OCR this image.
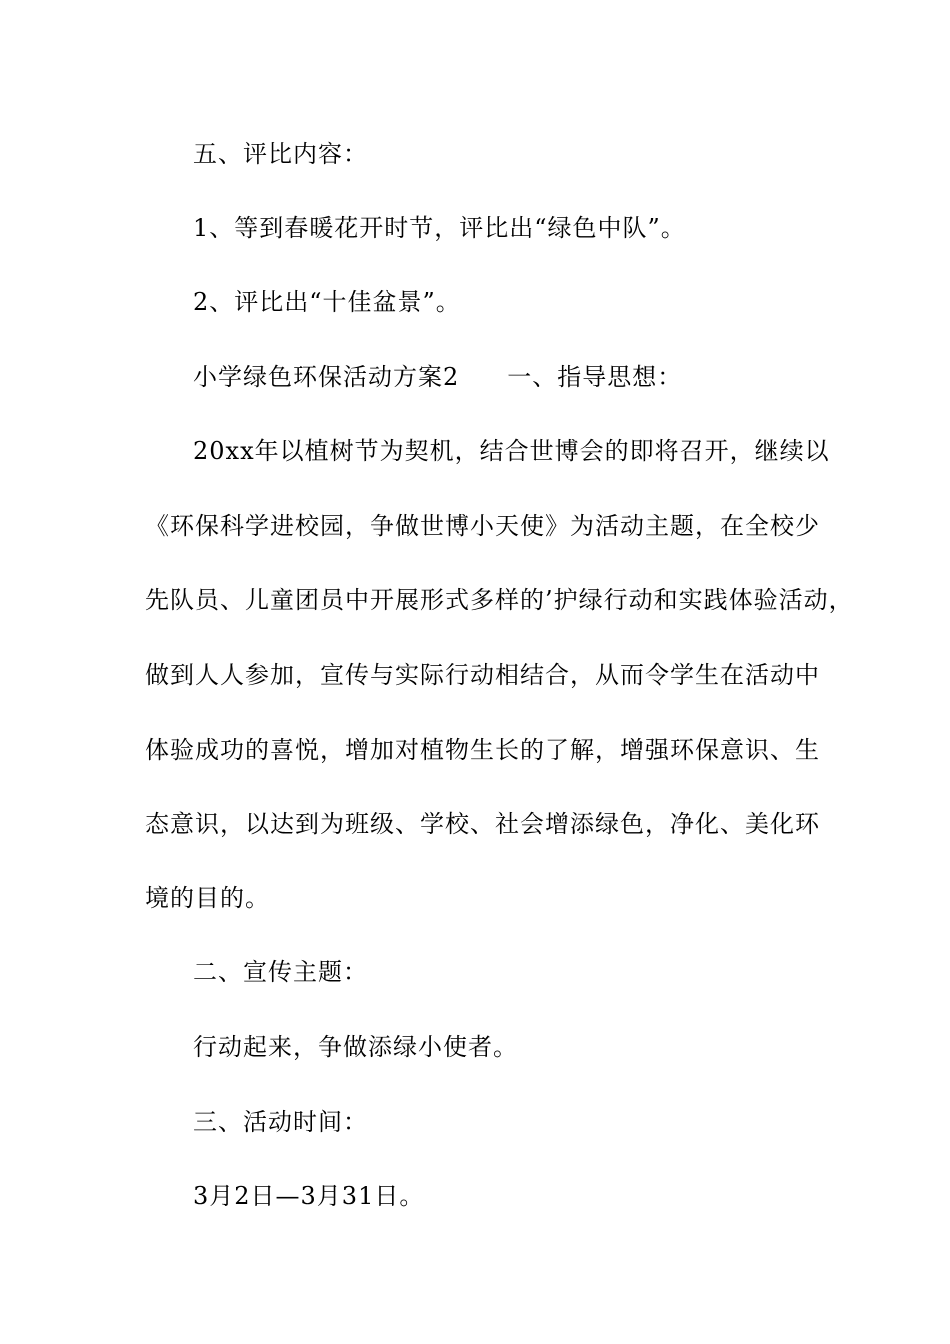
五、评比内容：
1、等到春暖花开时节，评比出“绿色中队”。
2、评比出“十佳盆景”。
小学绿色环保活动方案2 一、指导思想：
20xx年以植树节为契机，结合世博会的即将召开，继续以
《环保科学进校园，争做世博小天使》为活动主题，在全校少
先队员、儿童团员中开展形式多样的’护绿行动和实践体验活动，
做到人人参加，宣传与实际行动相结合，从而令学生在活动中
体验成功的喜悦，增加对植物生长的了解，增强环保意识、生
态意识，以达到为班级、学校、社会增添绿色，净化、美化环
境的目的。
二、宣传主题：
行动起来，争做添绿小使者。
三、活动时间：
3月2日—3月31日。
